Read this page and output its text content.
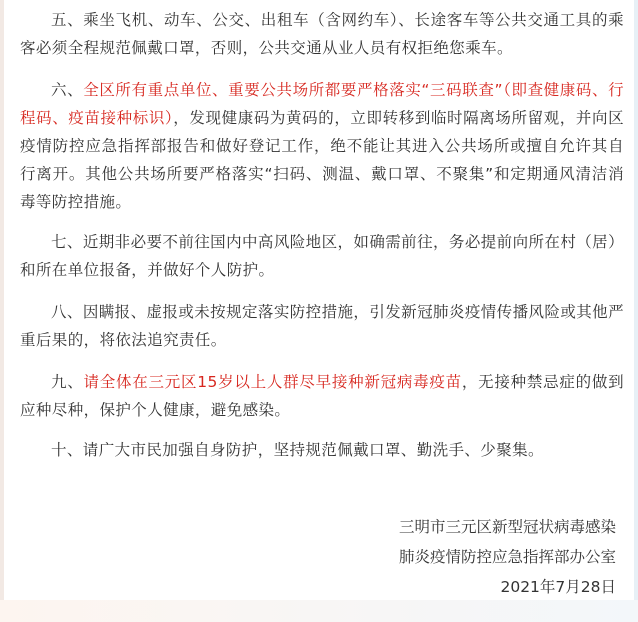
五、乘坐飞机、动车、公交、出租车（含网约车）、长途客车等公共交通工具的乘客必须全程规范佩戴口罩，否则，公共交通从业人员有权拒绝您乘车。

六、全区所有重点单位、重要公共场所都要严格落实“三码联查”（即查健康码、行程码、疫苗接种标识），发现健康码为黄码的，立即转移到临时隔离场所留观，并向区疫情防控应急指挥部报告和做好登记工作，绝不能让其进入公共场所或擅自允许其自行离开。其他公共场所要严格落实“扫码、测温、戴口罩、不聚集”和定期通风清洁消毒等防控措施。

七、近期非必要不前往国内中高风险地区，如确需前往，务必提前向所在村（居）和所在单位报备，并做好个人防护。

八、因瞒报、虚报或未按规定落实防控措施，引发新冠肺炎疫情传播风险或其他严重后果的，将依法追究责任。

九、请全体在三元区15岁以上人群尽早接种新冠病毒疫苗，无接种禁忌症的做到应种尽种，保护个人健康，避免感染。

十、请广大市民加强自身防护，坚持规范佩戴口罩、勤洗手、少聚集。

三明市三元区新型冠状病毒感染
肺炎疫情防控应急指挥部办公室
2021年7月28日
